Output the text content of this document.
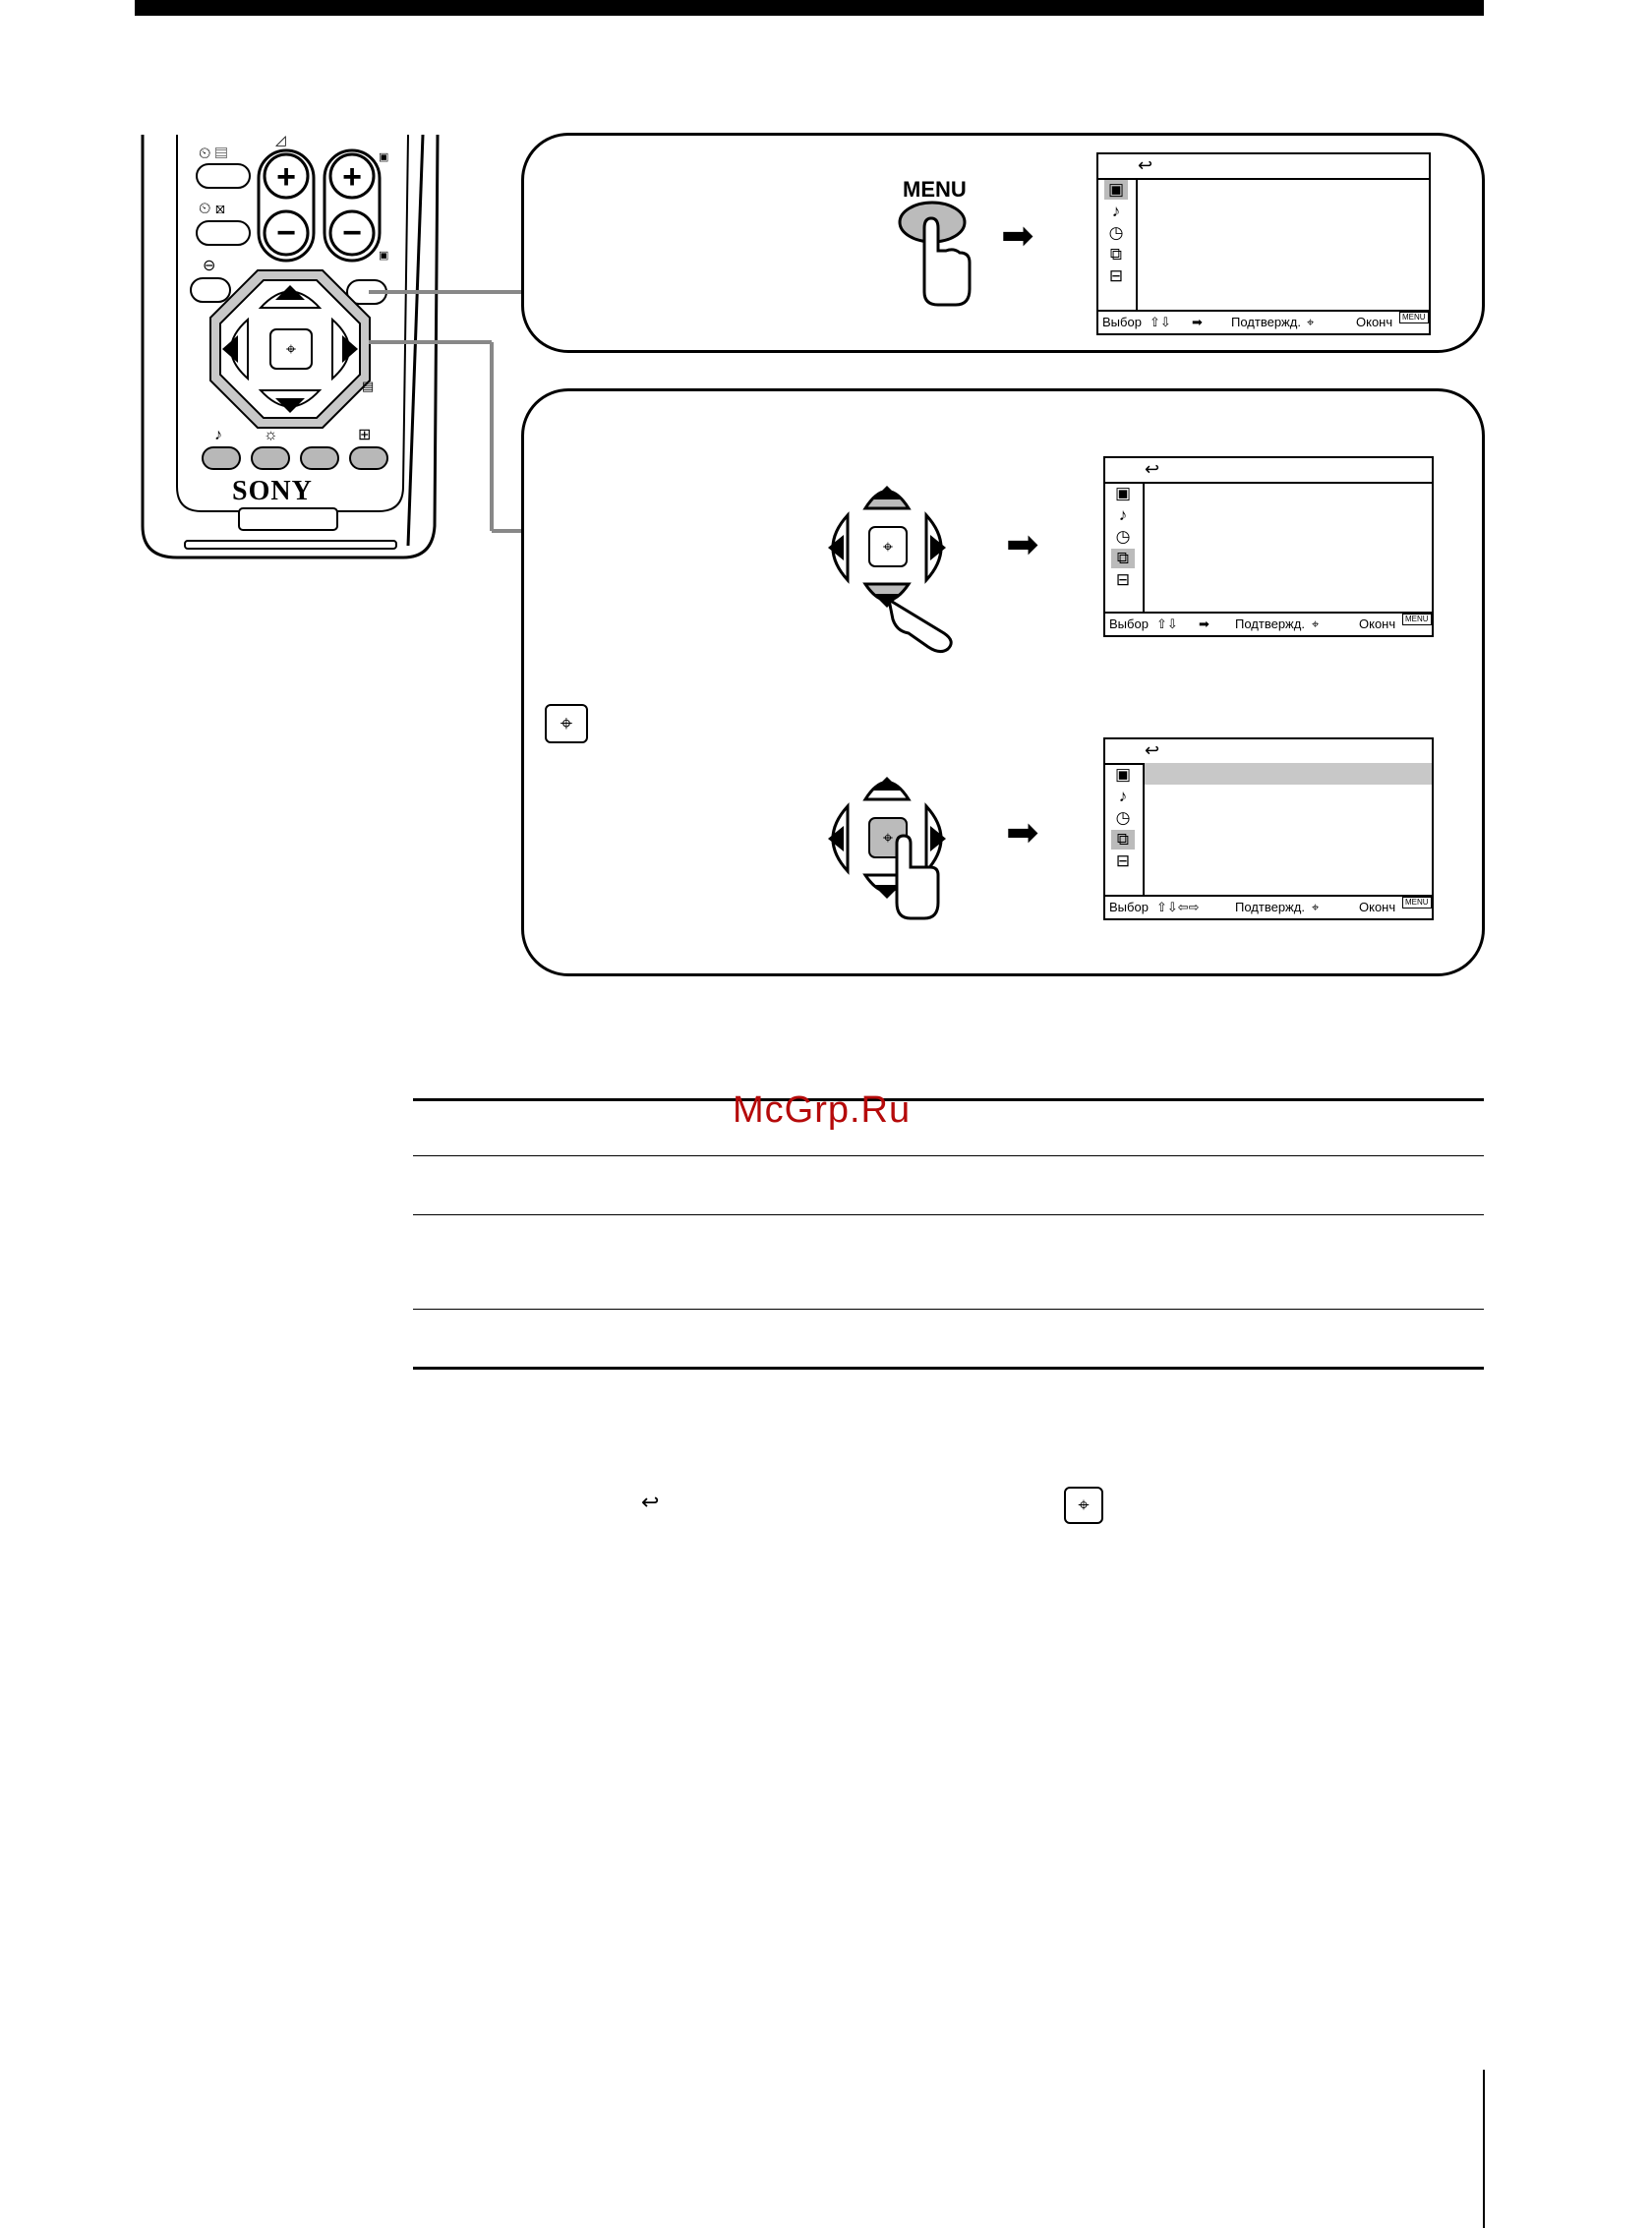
⏲ ▤
⏲ ⊠
⊖
◿
+
−
+
−
▣
▣
⌖
▤
♪	☼	⊞
SONY
MENU
➡
↩
Выбор ⇧⇩ ➡ Подтвержд. ⌖	Оконч	MENU
▣
♪
◷
⧉
⊟
⌖	➡
↩
Выбор ⇧⇩ ➡ Подтвержд. ⌖	Оконч	MENU
▣
♪
◷
⧉
⊟
⌖
⌖	➡
↩
Выбор ⇧⇩⇦⇨	Подтвержд. ⌖	Оконч	MENU
▣
♪
◷
⧉
⊟
McGrp.Ru
↩	⌖
